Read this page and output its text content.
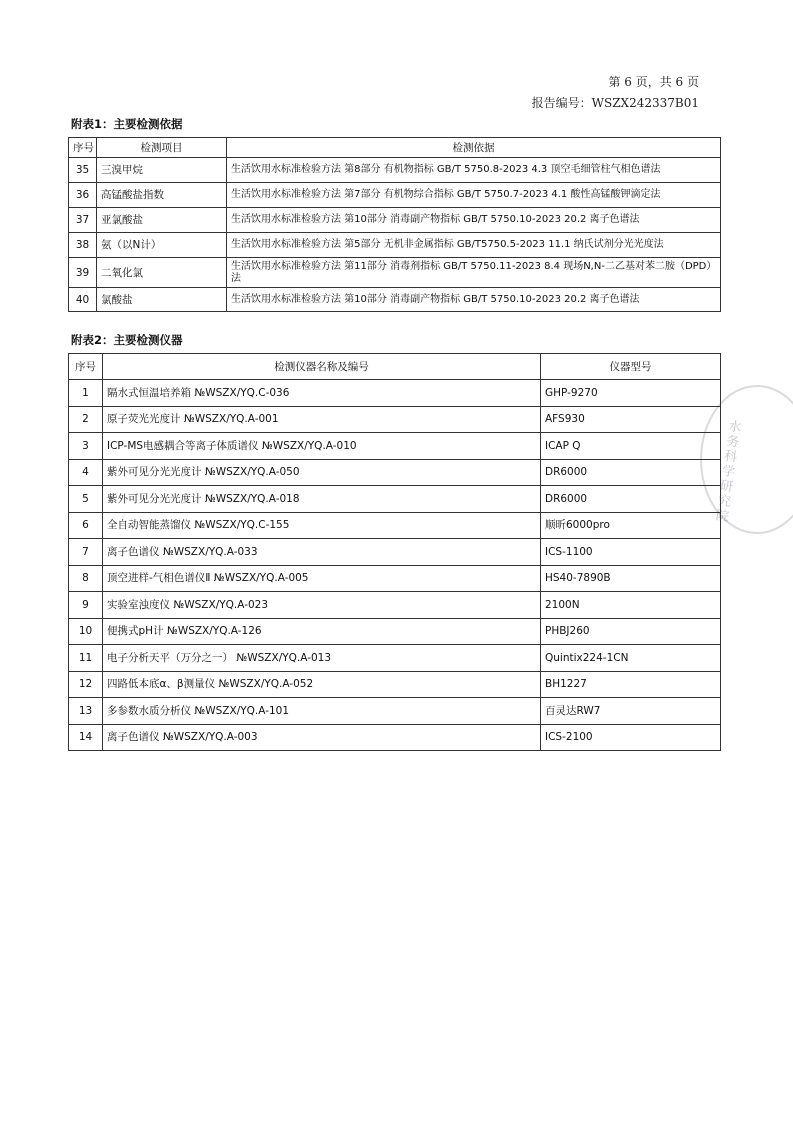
第 6 页，共 6 页
报告编号：WSZX242337B01
附表1：主要检测依据
序号	检测项目	检测依据
35	三溴甲烷	生活饮用水标准检验方法 第8部分 有机物指标 GB/T 5750.8-2023 4.3 顶空毛细管柱气相色谱法
36	高锰酸盐指数	生活饮用水标准检验方法 第7部分 有机物综合指标 GB/T 5750.7-2023 4.1 酸性高锰酸钾滴定法
37	亚氯酸盐	生活饮用水标准检验方法 第10部分 消毒副产物指标 GB/T 5750.10-2023 20.2 离子色谱法
38	氨（以N计）	生活饮用水标准检验方法 第5部分 无机非金属指标 GB/T5750.5-2023 11.1 纳氏试剂分光光度法
39	二氧化氯	生活饮用水标准检验方法 第11部分 消毒剂指标 GB/T 5750.11-2023 8.4 现场N,N-二乙基对苯二胺（DPD）法
40	氯酸盐	生活饮用水标准检验方法 第10部分 消毒副产物指标 GB/T 5750.10-2023 20.2 离子色谱法
附表2：主要检测仪器
水务科学研究院
序号	检测仪器名称及编号	仪器型号
1	隔水式恒温培养箱 №WSZX/YQ.C-036	GHP-9270
2	原子荧光光度计 №WSZX/YQ.A-001	AFS930
3	ICP-MS电感耦合等离子体质谱仪 №WSZX/YQ.A-010	ICAP Q
4	紫外可见分光光度计 №WSZX/YQ.A-050	DR6000
5	紫外可见分光光度计 №WSZX/YQ.A-018	DR6000
6	全自动智能蒸馏仪 №WSZX/YQ.C-155	顺昕6000pro
7	离子色谱仪 №WSZX/YQ.A-033	ICS-1100
8	顶空进样-气相色谱仪Ⅱ №WSZX/YQ.A-005	HS40-7890B
9	实验室浊度仪 №WSZX/YQ.A-023	2100N
10	便携式pH计 №WSZX/YQ.A-126	PHBJ260
11	电子分析天平（万分之一） №WSZX/YQ.A-013	Quintix224-1CN
12	四路低本底α、β测量仪 №WSZX/YQ.A-052	BH1227
13	多参数水质分析仪 №WSZX/YQ.A-101	百灵达RW7
14	离子色谱仪 №WSZX/YQ.A-003	ICS-2100
